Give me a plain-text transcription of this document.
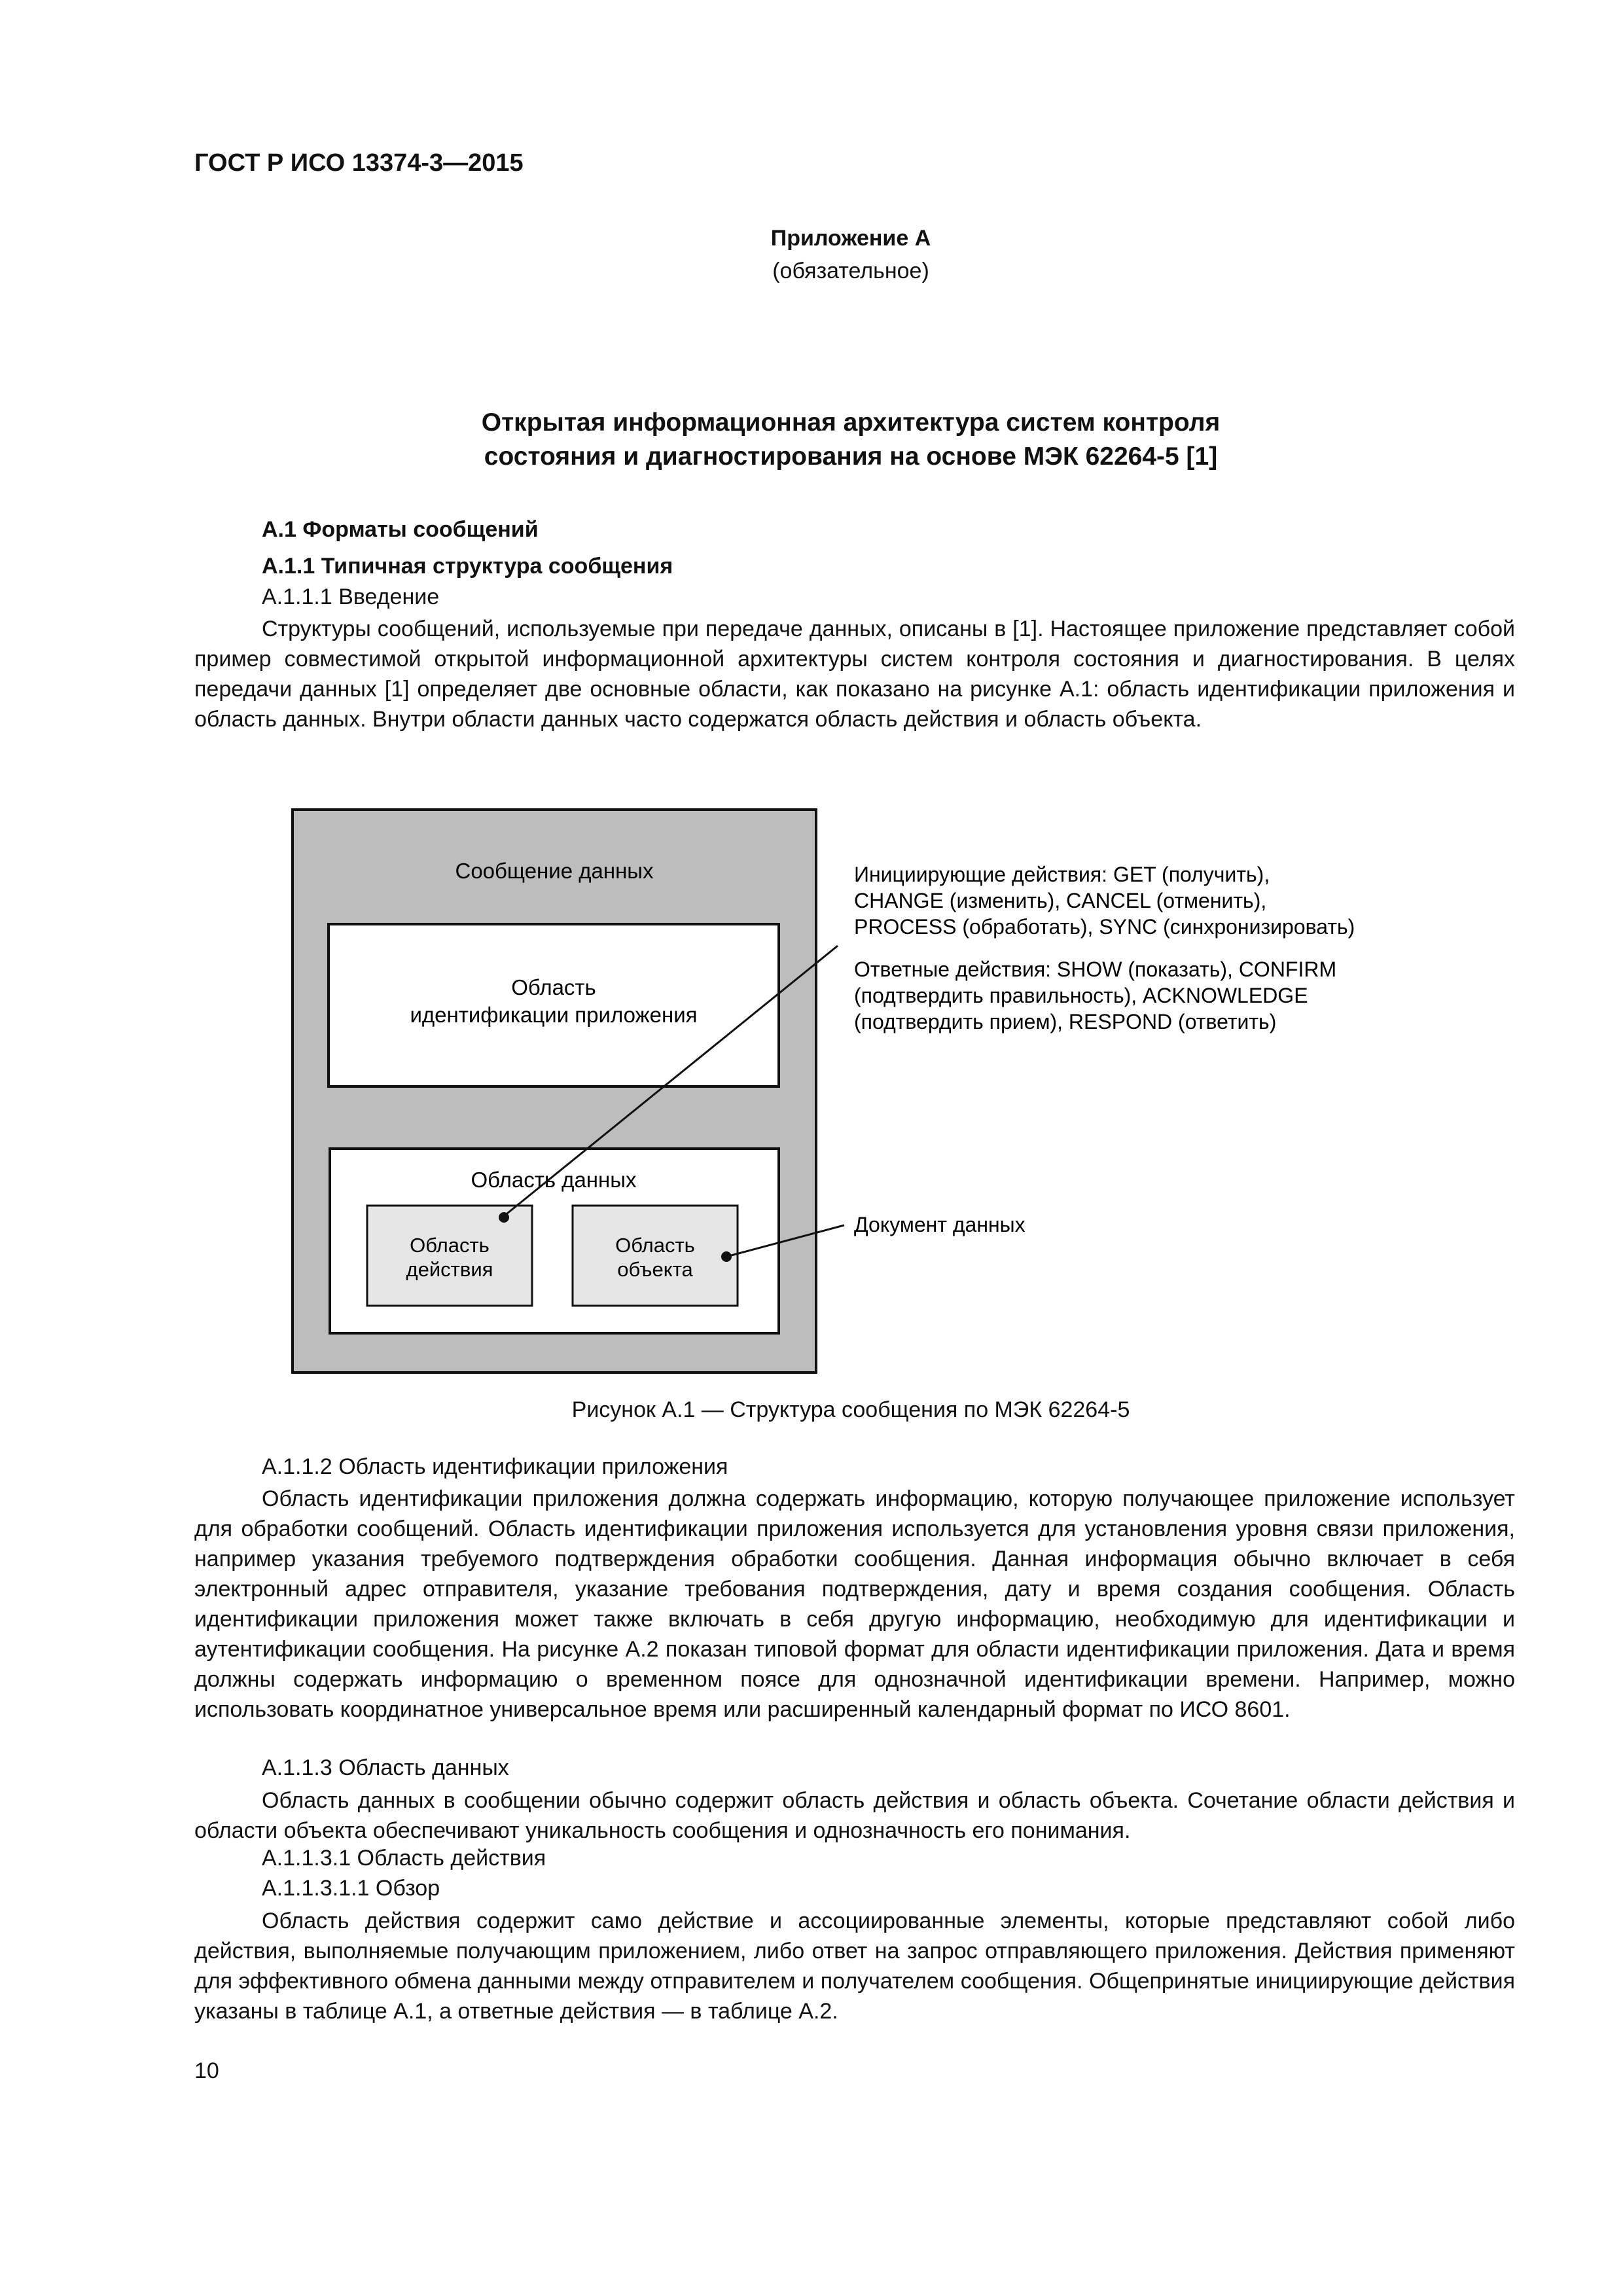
ГОСТ Р ИСО 13374-3—2015
Приложение А
(обязательное)
Открытая информационная архитектура систем контроля
состояния и диагностирования на основе МЭК 62264-5 [1]
А.1 Форматы сообщений
А.1.1 Типичная структура сообщения
А.1.1.1 Введение
Структуры сообщений, используемые при передаче данных, описаны в [1]. Настоящее приложение представляет собой пример совместимой открытой информационной архитектуры систем контроля состояния и диагностирования. В целях передачи данных [1] определяет две основные области, как показано на рисунке А.1: область идентификации приложения и область данных. Внутри области данных часто содержатся область действия и область объекта.
Сообщение данных
Область
идентификации приложения
Область данных
Область
действия
Область
объекта
Инициирующие действия: GET (получить),
CHANGE (изменить), CANCEL (отменить),
PROCESS (обработать), SYNC (синхронизировать)
Ответные действия: SHOW (показать), CONFIRM
(подтвердить правильность), ACKNOWLEDGE
(подтвердить прием), RESPOND (ответить)
Документ данных
Рисунок А.1 — Структура сообщения по МЭК 62264-5
А.1.1.2 Область идентификации приложения
Область идентификации приложения должна содержать информацию, которую получающее приложение использует для обработки сообщений. Область идентификации приложения используется для установления уровня связи приложения, например указания требуемого подтверждения обработки сообщения. Данная информация обычно включает в себя электронный адрес отправителя, указание требования подтверждения, дату и время создания сообщения. Область идентификации приложения может также включать в себя другую информацию, необходимую для идентификации и аутентификации сообщения. На рисунке А.2 показан типовой формат для области идентификации приложения. Дата и время должны содержать информацию о временном поясе для однозначной идентификации времени. Например, можно использовать координатное универсальное время или расширенный календарный формат по ИСО 8601.
А.1.1.3 Область данных
Область данных в сообщении обычно содержит область действия и область объекта. Сочетание области действия и области объекта обеспечивают уникальность сообщения и однозначность его понимания.
А.1.1.3.1 Область действия
А.1.1.3.1.1 Обзор
Область действия содержит само действие и ассоциированные элементы, которые представляют собой либо действия, выполняемые получающим приложением, либо ответ на запрос отправляющего приложения. Действия применяют для эффективного обмена данными между отправителем и получателем сообщения. Общепринятые инициирующие действия указаны в таблице А.1, а ответные действия — в таблице А.2.
10
